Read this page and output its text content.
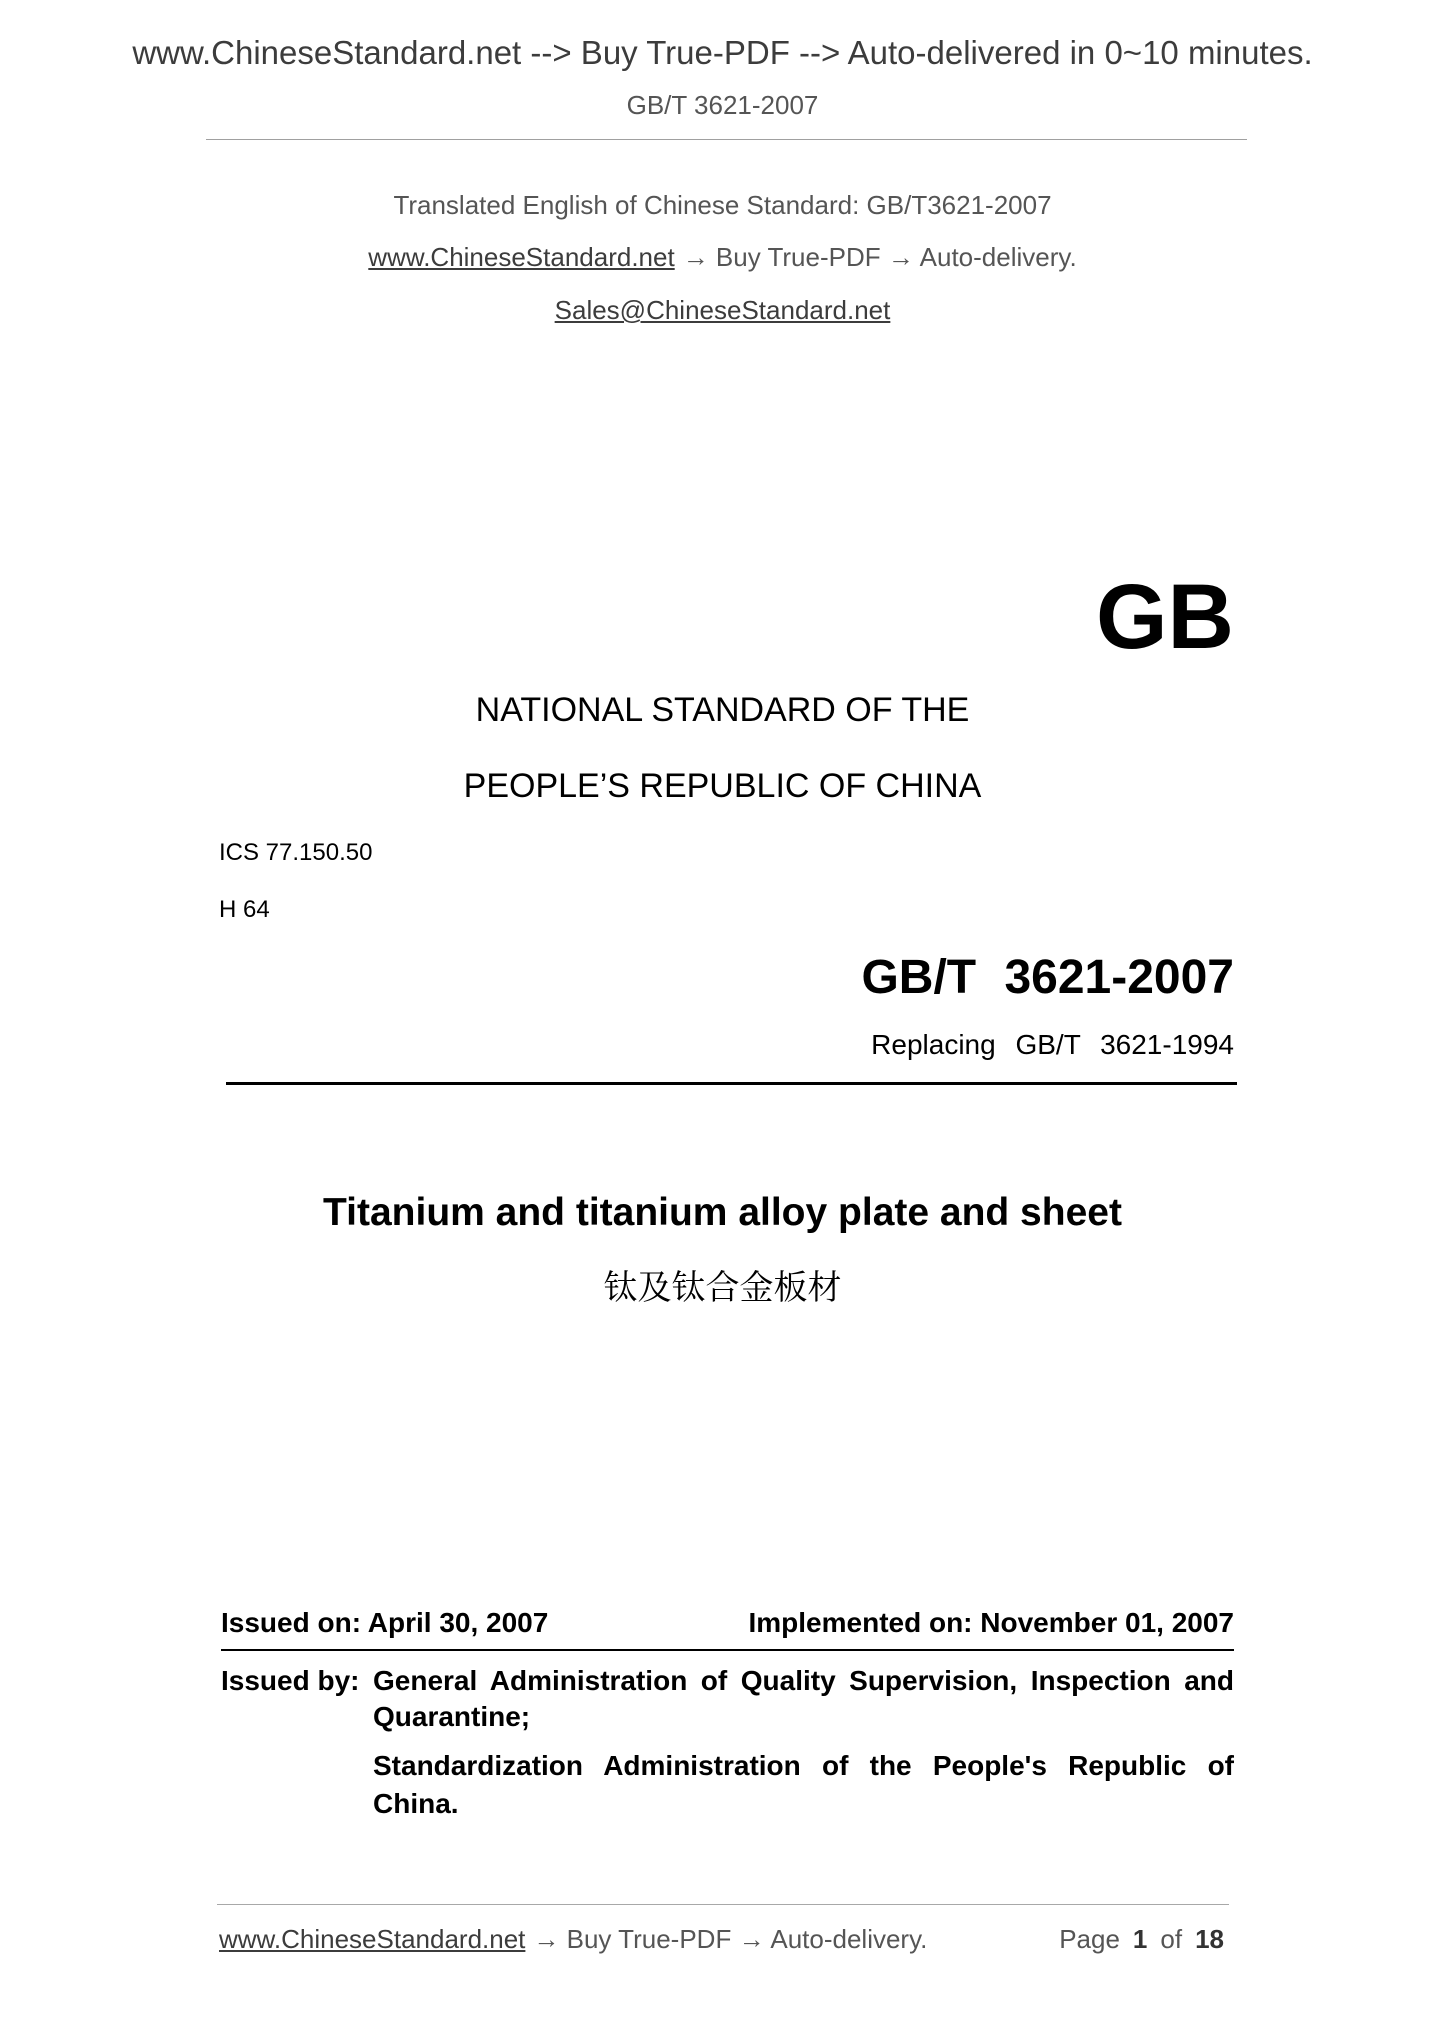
www.ChineseStandard.net --> Buy True-PDF --> Auto-delivered in 0~10 minutes.
GB/T 3621-2007
Translated English of Chinese Standard: GB/T3621-2007
www.ChineseStandard.net → Buy True-PDF → Auto-delivery.
Sales@ChineseStandard.net
GB
NATIONAL STANDARD OF THE
PEOPLE’S REPUBLIC OF CHINA
ICS 77.150.50
H 64
GB/T 3621-2007
Replacing GB/T 3621-1994
Titanium and titanium alloy plate and sheet
钛及钛合金板材
Issued on: April 30, 2007	Implemented on: November 01, 2007
Issued by: General Administration of Quality Supervision, Inspection and
Quarantine;
Standardization Administration of the People's Republic of
China.
www.ChineseStandard.net → Buy True-PDF → Auto-delivery.	Page 1 of 18
